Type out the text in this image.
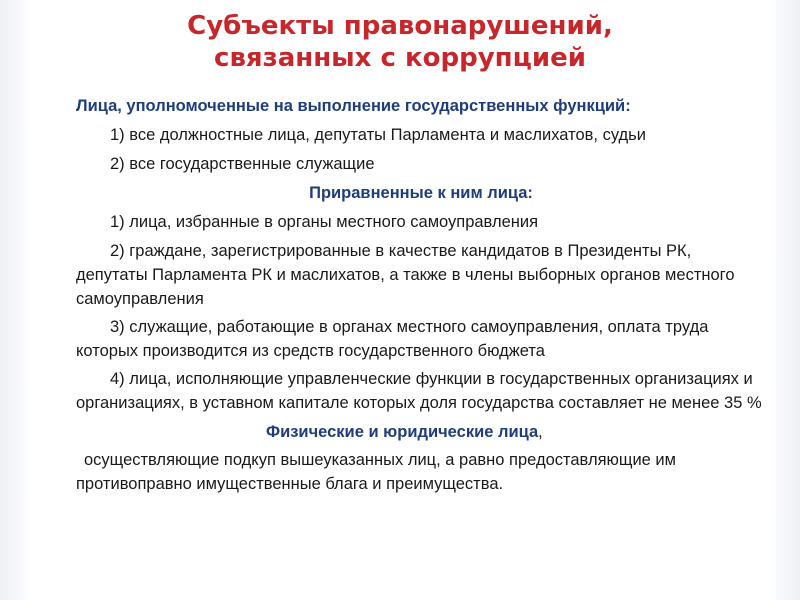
Субъекты правонарушений,
связанных с коррупцией

Лица, уполномоченные на выполнение государственных функций:

1) все должностные лица, депутаты Парламента и маслихатов, судьи

2) все государственные служащие

Приравненные к ним лица:

1) лица, избранные в органы местного самоуправления

2) граждане, зарегистрированные в качестве кандидатов в Президенты РК, депутаты Парламента РК и маслихатов, а также в члены выборных органов местного самоуправления

3) служащие, работающие в органах местного самоуправления, оплата труда которых производится из средств государственного бюджета

4) лица, исполняющие управленческие функции в государственных организациях и организациях, в уставном капитале которых доля государства составляет не менее 35 %

Физические и юридические лица,

осуществляющие подкуп вышеуказанных лиц, а равно предоставляющие им противоправно имущественные блага и преимущества.
